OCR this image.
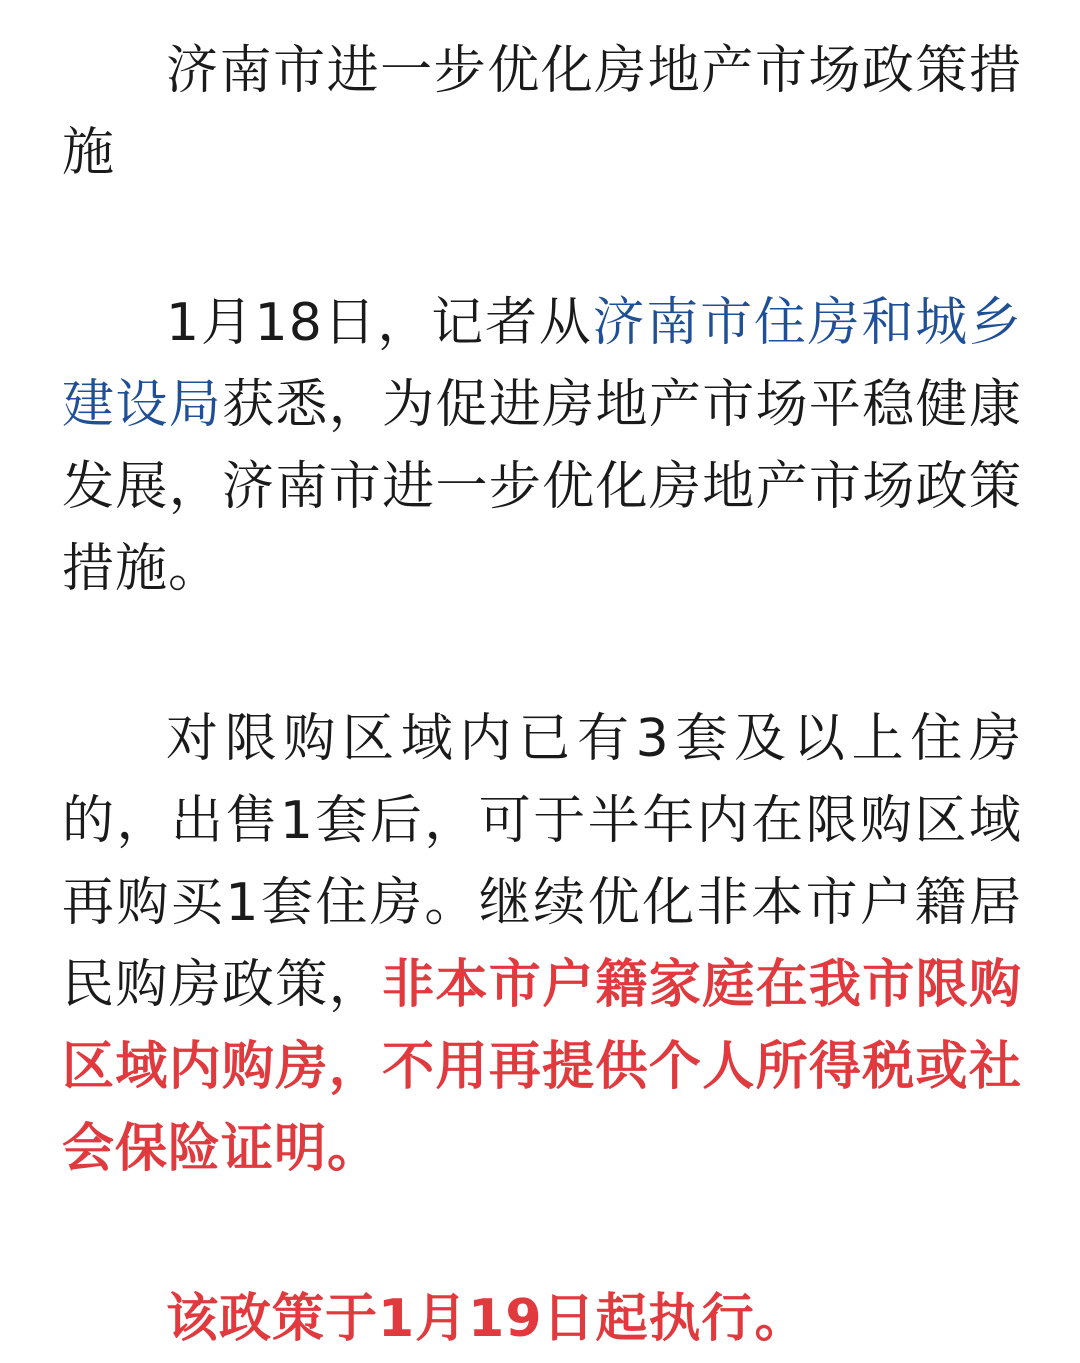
济南市进一步优化房地产市场政策措施

1月18日，记者从济南市住房和城乡建设局获悉，为促进房地产市场平稳健康发展，济南市进一步优化房地产市场政策措施。

对限购区域内已有3套及以上住房的，出售1套后，可于半年内在限购区域再购买1套住房。继续优化非本市户籍居民购房政策，非本市户籍家庭在我市限购区域内购房，不用再提供个人所得税或社会保险证明。

该政策于1月19日起执行。
